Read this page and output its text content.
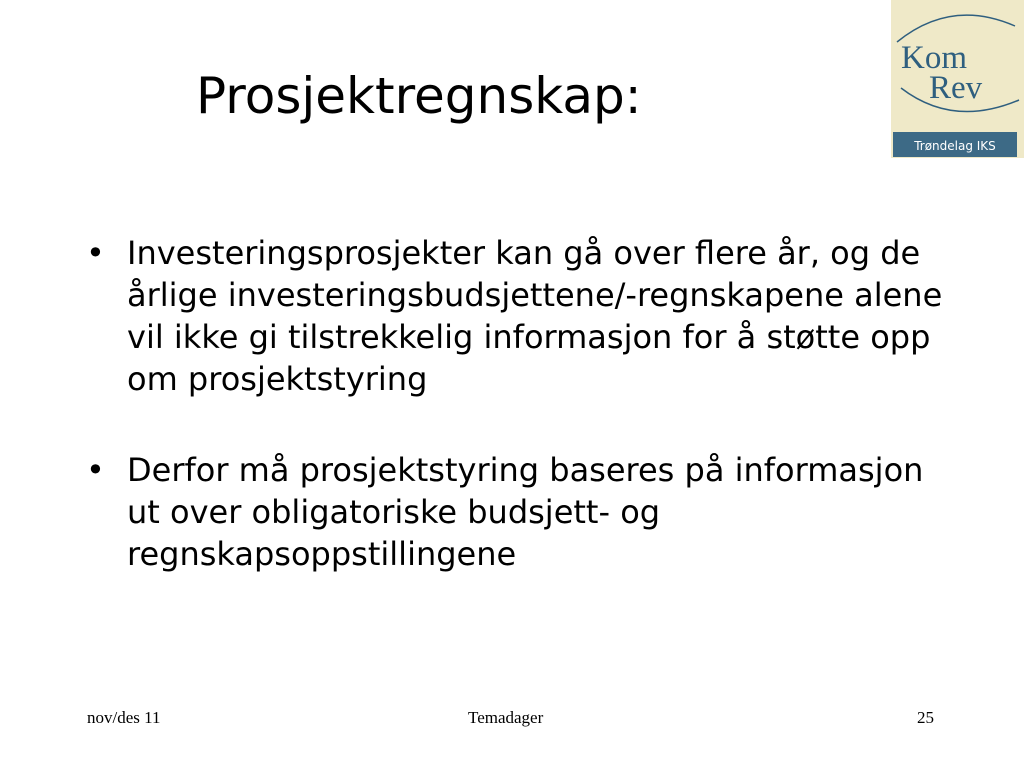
Prosjektregnskap:
Kom
Rev
Trøndelag IKS
• Investeringsprosjekter kan gå over flere år, og de årlige investeringsbudsjettene/-regnskapene alene vil ikke gi tilstrekkelig informasjon for å støtte opp om prosjektstyring
• Derfor må prosjektstyring baseres på informasjon ut over obligatoriske budsjett- og regnskapsoppstillingene
nov/des 11	Temadager	25
